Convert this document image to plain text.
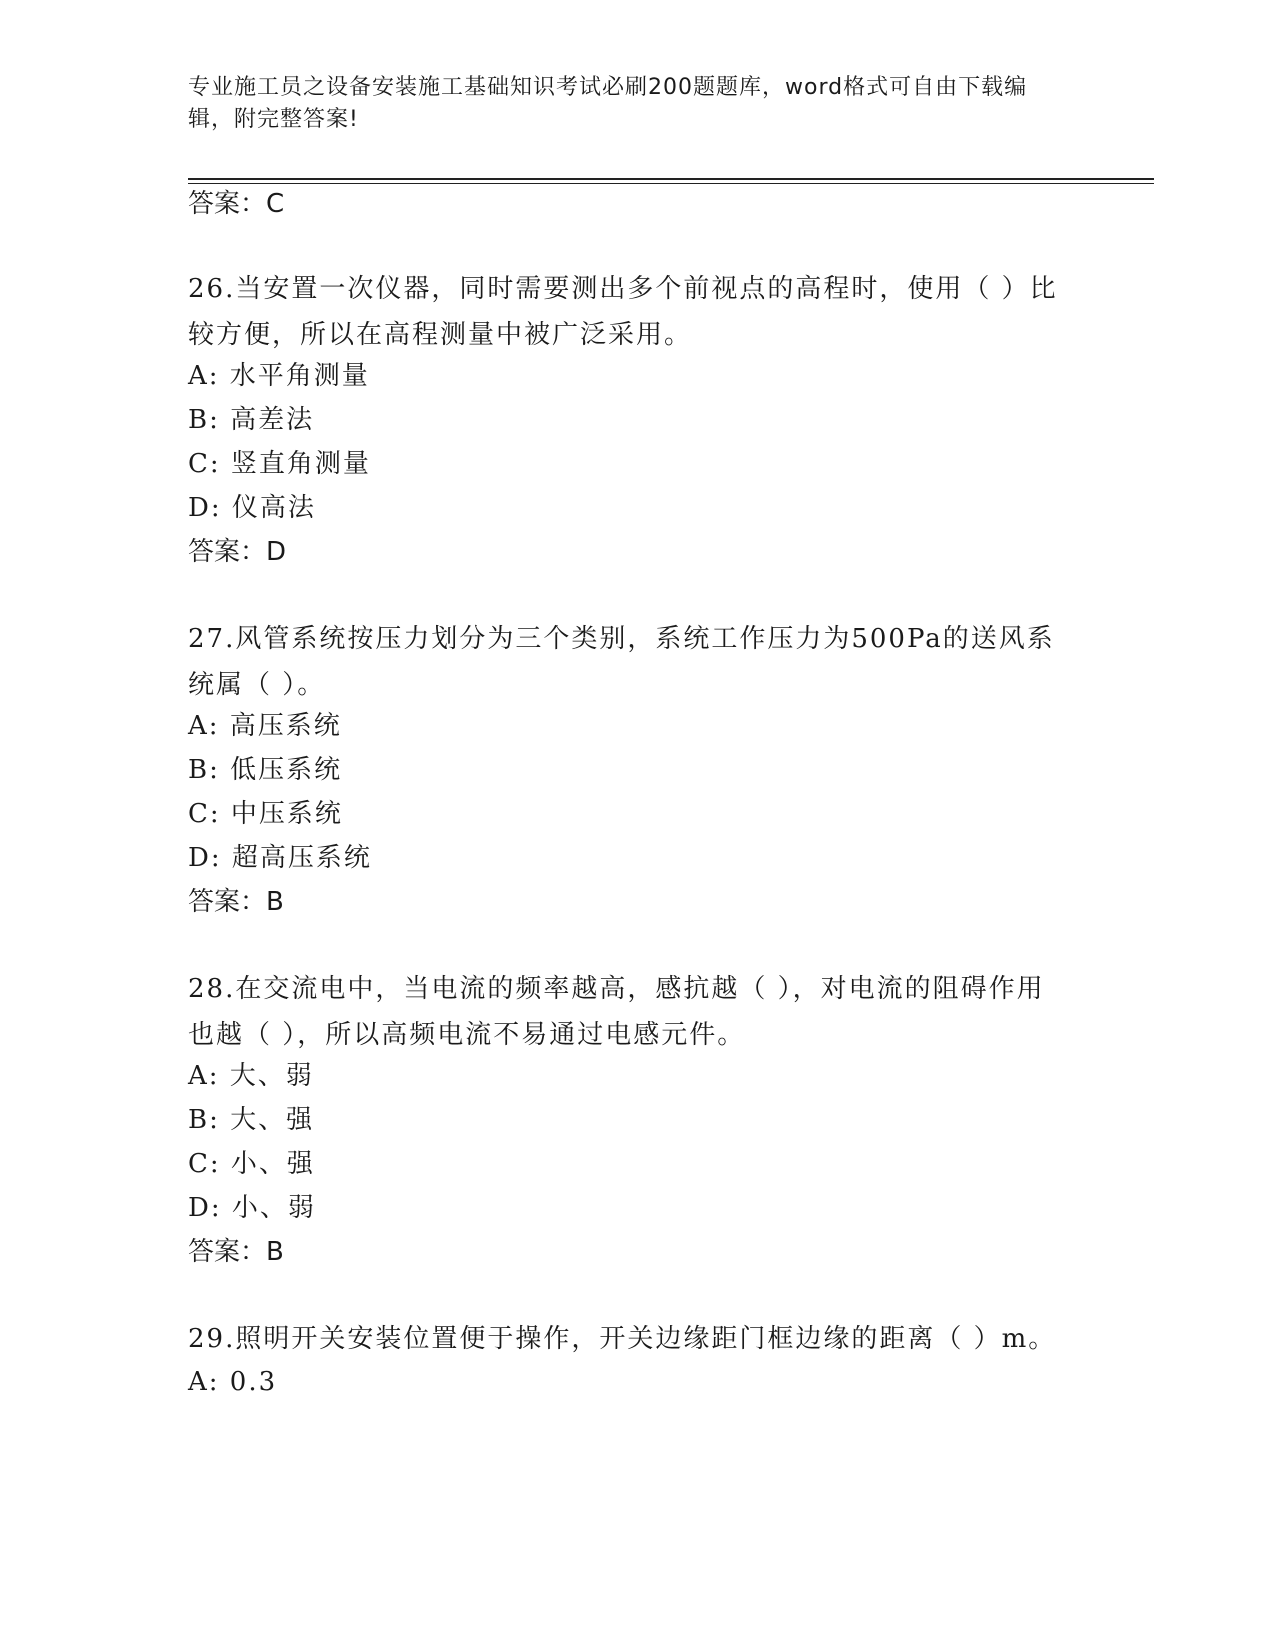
专业施工员之设备安装施工基础知识考试必刷200题题库，word格式可自由下载编辑，附完整答案!
答案：C
26.当安置一次仪器，同时需要测出多个前视点的高程时，使用（ ）比较方便，所以在高程测量中被广泛采用。
A: 水平角测量
B: 高差法
C: 竖直角测量
D: 仪高法
答案：D
27.风管系统按压力划分为三个类别，系统工作压力为500Pa的送风系统属（ ）。
A: 高压系统
B: 低压系统
C: 中压系统
D: 超高压系统
答案：B
28.在交流电中，当电流的频率越高，感抗越（ ），对电流的阻碍作用也越（ ），所以高频电流不易通过电感元件。
A: 大、弱
B: 大、强
C: 小、强
D: 小、弱
答案：B
29.照明开关安装位置便于操作，开关边缘距门框边缘的距离（ ）m。
A: 0.3
